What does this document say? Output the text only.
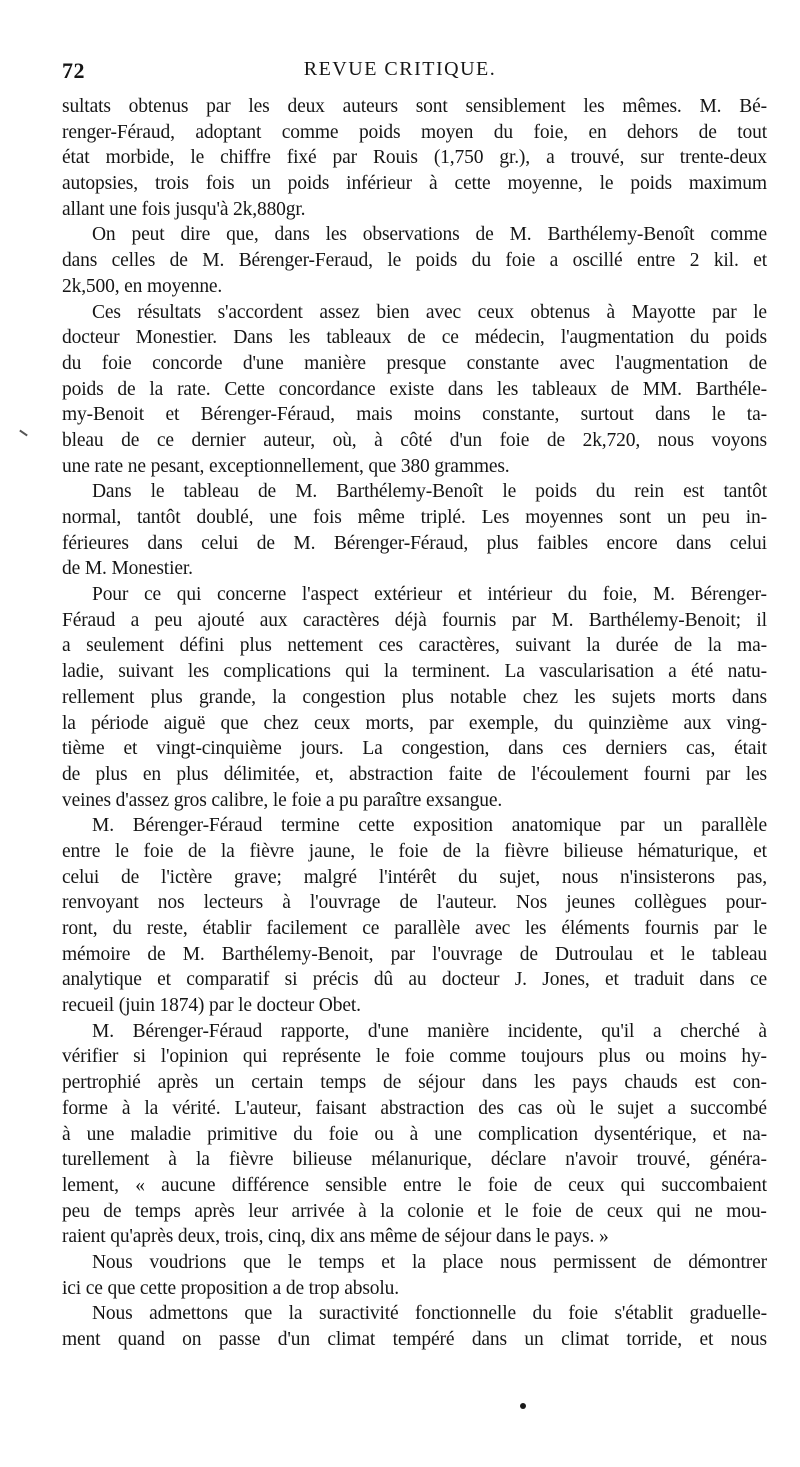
72	REVUE CRITIQUE.
sultats obtenus par les deux auteurs sont sensiblement les mêmes. M. Bé-
renger-Féraud, adoptant comme poids moyen du foie, en dehors de tout
état morbide, le chiffre fixé par Rouis (1,750 gr.), a trouvé, sur trente-deux
autopsies, trois fois un poids inférieur à cette moyenne, le poids maximum
allant une fois jusqu'à 2k,880gr.
On peut dire que, dans les observations de M. Barthélemy-Benoît comme
dans celles de M. Bérenger-Feraud, le poids du foie a oscillé entre 2 kil. et
2k,500, en moyenne.
Ces résultats s'accordent assez bien avec ceux obtenus à Mayotte par le
docteur Monestier. Dans les tableaux de ce médecin, l'augmentation du poids
du foie concorde d'une manière presque constante avec l'augmentation de
poids de la rate. Cette concordance existe dans les tableaux de MM. Barthéle-
my-Benoit et Bérenger-Féraud, mais moins constante, surtout dans le ta-
bleau de ce dernier auteur, où, à côté d'un foie de 2k,720, nous voyons
une rate ne pesant, exceptionnellement, que 380 grammes.
Dans le tableau de M. Barthélemy-Benoît le poids du rein est tantôt
normal, tantôt doublé, une fois même triplé. Les moyennes sont un peu in-
férieures dans celui de M. Bérenger-Féraud, plus faibles encore dans celui
de M. Monestier.
Pour ce qui concerne l'aspect extérieur et intérieur du foie, M. Bérenger-
Féraud a peu ajouté aux caractères déjà fournis par M. Barthélemy-Benoit; il
a seulement défini plus nettement ces caractères, suivant la durée de la ma-
ladie, suivant les complications qui la terminent. La vascularisation a été natu-
rellement plus grande, la congestion plus notable chez les sujets morts dans
la période aiguë que chez ceux morts, par exemple, du quinzième aux ving-
tième et vingt-cinquième jours. La congestion, dans ces derniers cas, était
de plus en plus délimitée, et, abstraction faite de l'écoulement fourni par les
veines d'assez gros calibre, le foie a pu paraître exsangue.
M. Bérenger-Féraud termine cette exposition anatomique par un parallèle
entre le foie de la fièvre jaune, le foie de la fièvre bilieuse hématurique, et
celui de l'ictère grave; malgré l'intérêt du sujet, nous n'insisterons pas,
renvoyant nos lecteurs à l'ouvrage de l'auteur. Nos jeunes collègues pour-
ront, du reste, établir facilement ce parallèle avec les éléments fournis par le
mémoire de M. Barthélemy-Benoit, par l'ouvrage de Dutroulau et le tableau
analytique et comparatif si précis dû au docteur J. Jones, et traduit dans ce
recueil (juin 1874) par le docteur Obet.
M. Bérenger-Féraud rapporte, d'une manière incidente, qu'il a cherché à
vérifier si l'opinion qui représente le foie comme toujours plus ou moins hy-
pertrophié après un certain temps de séjour dans les pays chauds est con-
forme à la vérité. L'auteur, faisant abstraction des cas où le sujet a succombé
à une maladie primitive du foie ou à une complication dysentérique, et na-
turellement à la fièvre bilieuse mélanurique, déclare n'avoir trouvé, généra-
lement, « aucune différence sensible entre le foie de ceux qui succombaient
peu de temps après leur arrivée à la colonie et le foie de ceux qui ne mou-
raient qu'après deux, trois, cinq, dix ans même de séjour dans le pays. »
Nous voudrions que le temps et la place nous permissent de démontrer
ici ce que cette proposition a de trop absolu.
Nous admettons que la suractivité fonctionnelle du foie s'établit graduelle-
ment quand on passe d'un climat tempéré dans un climat torride, et nous
